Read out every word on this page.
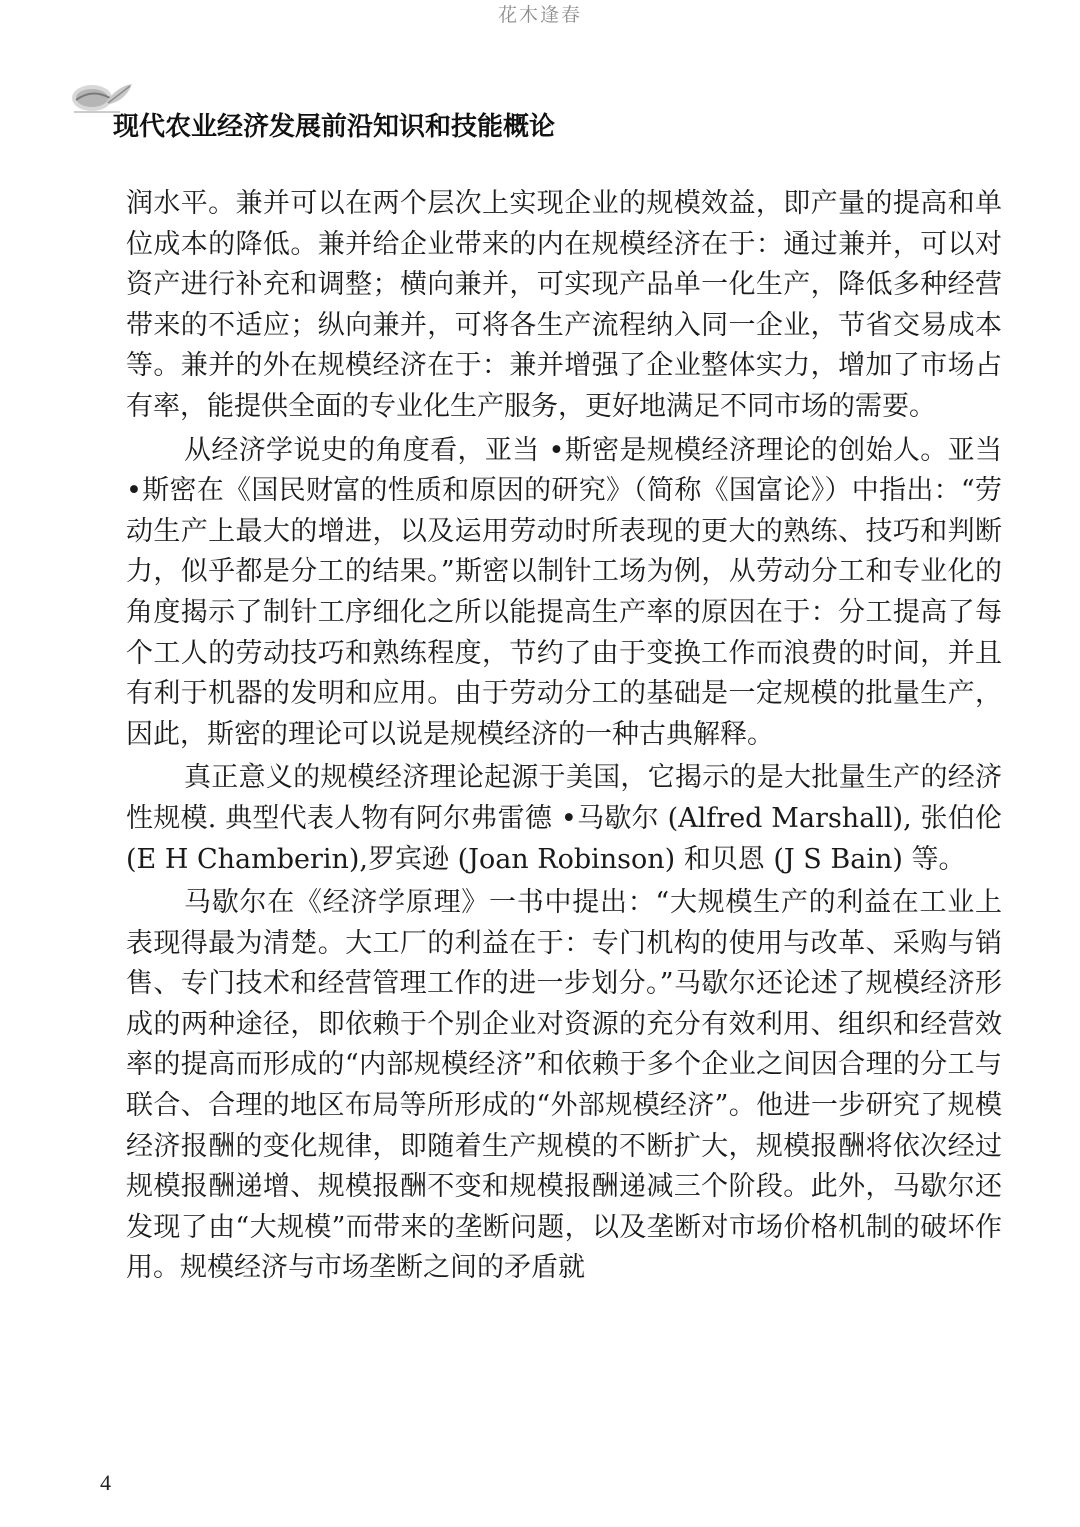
花木逢春
现代农业经济发展前沿知识和技能概论

润水平。兼并可以在两个层次上实现企业的规模效益，即产量的提高和单位成本的降低。兼并给企业带来的内在规模经济在于：通过兼并，可以对资产进行补充和调整；横向兼并，可实现产品单一化生产，降低多种经营带来的不适应；纵向兼并，可将各生产流程纳入同一企业，节省交易成本等。兼并的外在规模经济在于：兼并增强了企业整体实力，增加了市场占有率，能提供全面的专业化生产服务，更好地满足不同市场的需要。

从经济学说史的角度看，亚当 •斯密是规模经济理论的创始人。亚当 •斯密在《国民财富的性质和原因的研究》（简称《国富论》）中指出：“劳动生产上最大的增进，以及运用劳动时所表现的更大的熟练、技巧和判断力，似乎都是分工的结果。”斯密以制针工场为例，从劳动分工和专业化的角度揭示了制针工序细化之所以能提高生产率的原因在于：分工提高了每个工人的劳动技巧和熟练程度，节约了由于变换工作而浪费的时间，并且有利于机器的发明和应用。由于劳动分工的基础是一定规模的批量生产，因此，斯密的理论可以说是规模经济的一种古典解释。

真正意义的规模经济理论起源于美国，它揭示的是大批量生产的经济性规模. 典型代表人物有阿尔弗雷德 •马歇尔 (Alfred Marshall), 张伯伦 (E H Chamberin),罗宾逊 (Joan Robinson) 和贝恩 (J S Bain) 等。

马歇尔在《经济学原理》一书中提出：“大规模生产的利益在工业上表现得最为清楚。大工厂的利益在于：专门机构的使用与改革、采购与销售、专门技术和经营管理工作的进一步划分。”马歇尔还论述了规模经济形成的两种途径，即依赖于个别企业对资源的充分有效利用、组织和经营效率的提高而形成的“内部规模经济”和依赖于多个企业之间因合理的分工与联合、合理的地区布局等所形成的“外部规模经济”。他进一步研究了规模经济报酬的变化规律，即随着生产规模的不断扩大，规模报酬将依次经过规模报酬递增、规模报酬不变和规模报酬递减三个阶段。此外，马歇尔还发现了由“大规模”而带来的垄断问题，以及垄断对市场价格机制的破坏作用。规模经济与市场垄断之间的矛盾就

4
